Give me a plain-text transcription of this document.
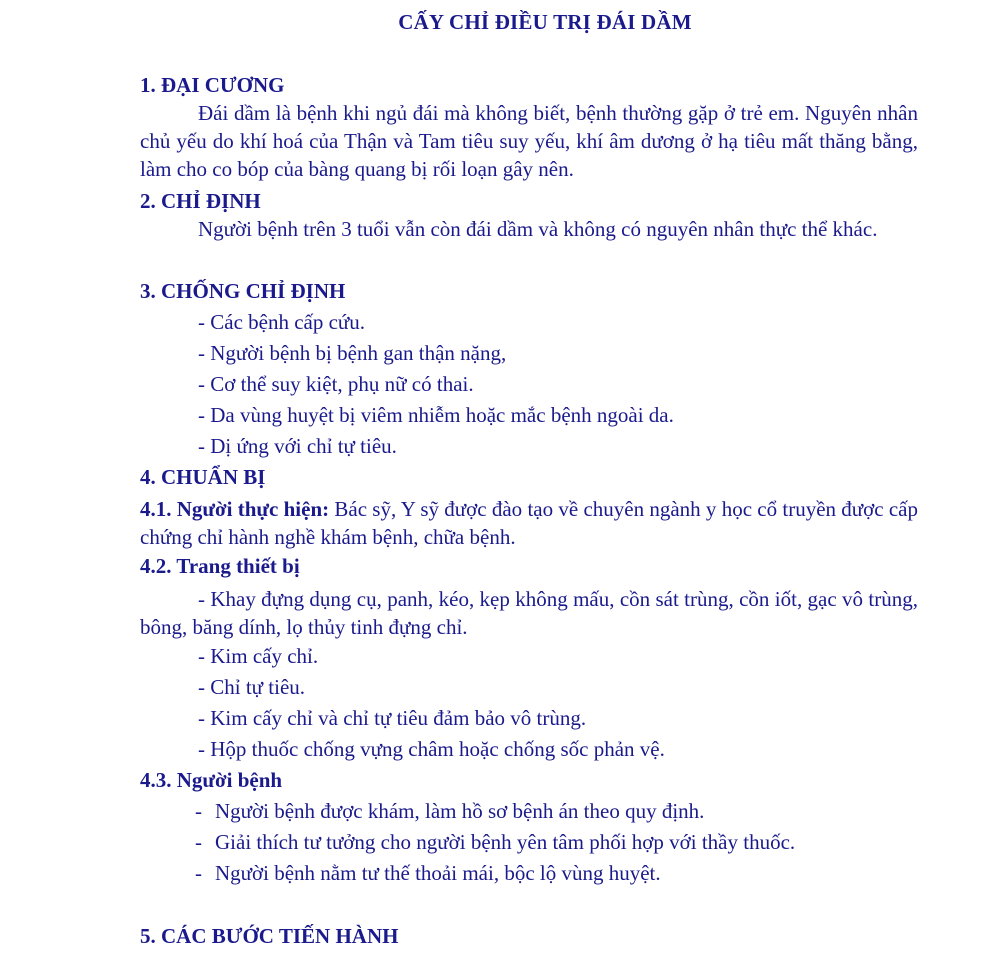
CẤY CHỈ ĐIỀU TRỊ ĐÁI DẦM
1. ĐẠI CƯƠNG
Đái dầm là bệnh khi ngủ đái mà không biết, bệnh thường gặp ở trẻ em. Nguyên nhân chủ yếu do khí hoá của Thận và Tam tiêu suy yếu, khí âm dương ở hạ tiêu mất thăng bằng, làm cho co bóp của bàng quang bị rối loạn gây nên.
2. CHỈ ĐỊNH
Người bệnh trên 3 tuổi vẫn còn đái dầm và không có nguyên nhân thực thể khác.
3. CHỐNG CHỈ ĐỊNH
- Các bệnh cấp cứu.
- Người bệnh bị bệnh gan thận nặng,
- Cơ thể suy kiệt, phụ nữ có thai.
- Da vùng huyệt bị viêm nhiễm hoặc mắc bệnh ngoài da.
- Dị ứng với chỉ tự tiêu.
4. CHUẨN BỊ
4.1. Người thực hiện: Bác sỹ, Y sỹ được đào tạo về chuyên ngành y học cổ truyền được cấp chứng chỉ hành nghề khám bệnh, chữa bệnh.
4.2. Trang thiết bị
- Khay đựng dụng cụ, panh, kéo, kẹp không mấu, cồn sát trùng, cồn iốt, gạc vô trùng, bông, băng dính, lọ thủy tinh đựng chỉ.
- Kim cấy chỉ.
- Chỉ tự tiêu.
- Kim cấy chỉ và chỉ tự tiêu đảm bảo vô trùng.
- Hộp thuốc chống vựng châm hoặc chống sốc phản vệ.
4.3. Người bệnh
- Người bệnh được khám, làm hồ sơ bệnh án theo quy định.
- Giải thích tư tưởng cho người bệnh yên tâm phối hợp với thầy thuốc.
- Người bệnh nằm tư thế thoải mái, bộc lộ vùng huyệt.
5. CÁC BƯỚC TIẾN HÀNH
